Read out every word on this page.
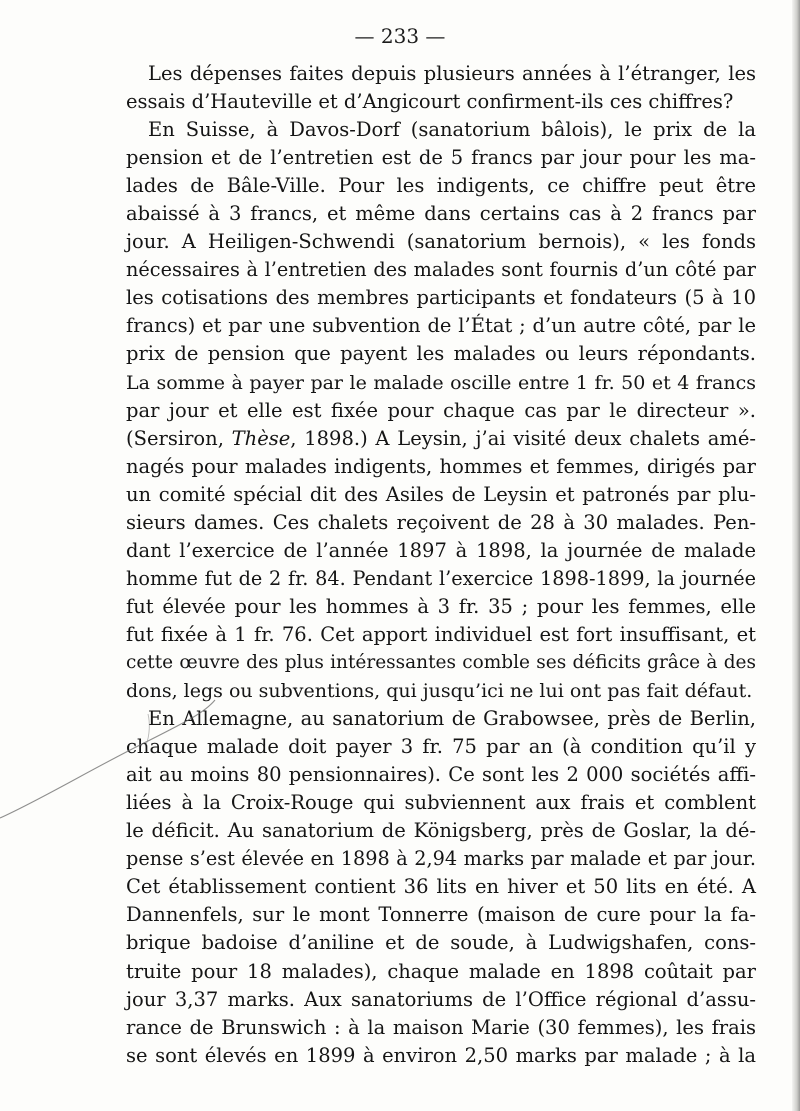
— 233 —
Les dépenses faites depuis plusieurs années à l’étranger, les
essais d’Hauteville et d’Angicourt confirment-ils ces chiffres?
En Suisse, à Davos-Dorf (sanatorium bâlois), le prix de la
pension et de l’entretien est de 5 francs par jour pour les ma-
lades de Bâle-Ville. Pour les indigents, ce chiffre peut être
abaissé à 3 francs, et même dans certains cas à 2 francs par
jour. A Heiligen-Schwendi (sanatorium bernois), « les fonds
nécessaires à l’entretien des malades sont fournis d’un côté par
les cotisations des membres participants et fondateurs (5 à 10
francs) et par une subvention de l’État ; d’un autre côté, par le
prix de pension que payent les malades ou leurs répondants.
La somme à payer par le malade oscille entre 1 fr. 50 et 4 francs
par jour et elle est fixée pour chaque cas par le directeur ».
(Sersiron, Thèse, 1898.) A Leysin, j’ai visité deux chalets amé-
nagés pour malades indigents, hommes et femmes, dirigés par
un comité spécial dit des Asiles de Leysin et patronés par plu-
sieurs dames. Ces chalets reçoivent de 28 à 30 malades. Pen-
dant l’exercice de l’année 1897 à 1898, la journée de malade
homme fut de 2 fr. 84. Pendant l’exercice 1898-1899, la journée
fut élevée pour les hommes à 3 fr. 35 ; pour les femmes, elle
fut fixée à 1 fr. 76. Cet apport individuel est fort insuffisant, et
cette œuvre des plus intéressantes comble ses déficits grâce à des
dons, legs ou subventions, qui jusqu’ici ne lui ont pas fait défaut.
En Allemagne, au sanatorium de Grabowsee, près de Berlin,
chaque malade doit payer 3 fr. 75 par an (à condition qu’il y
ait au moins 80 pensionnaires). Ce sont les 2 000 sociétés affi-
liées à la Croix-Rouge qui subviennent aux frais et comblent
le déficit. Au sanatorium de Königsberg, près de Goslar, la dé-
pense s’est élevée en 1898 à 2,94 marks par malade et par jour.
Cet établissement contient 36 lits en hiver et 50 lits en été. A
Dannenfels, sur le mont Tonnerre (maison de cure pour la fa-
brique badoise d’aniline et de soude, à Ludwigshafen, cons-
truite pour 18 malades), chaque malade en 1898 coûtait par
jour 3,37 marks. Aux sanatoriums de l’Office régional d’assu-
rance de Brunswich : à la maison Marie (30 femmes), les frais
se sont élevés en 1899 à environ 2,50 marks par malade ; à la
